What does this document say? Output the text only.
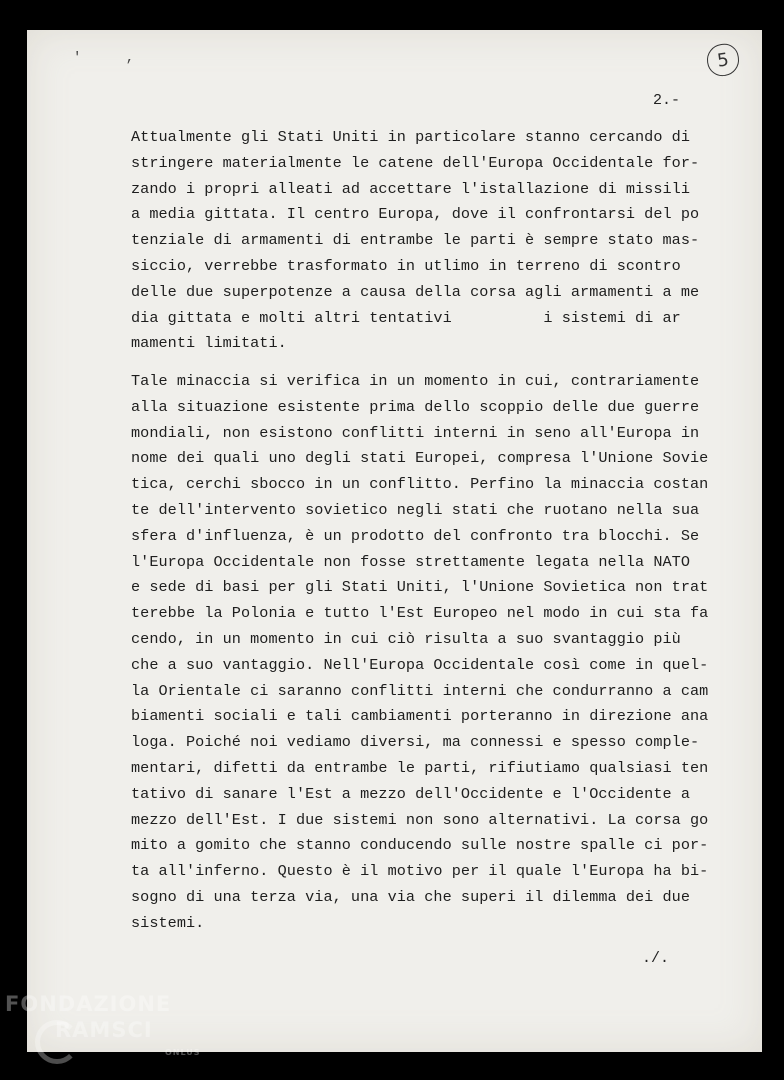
' ,	5
2.-
Attualmente gli Stati Uniti in particolare stanno cercando di
stringere materialmente le catene dell'Europa Occidentale for-
zando i propri alleati ad accettare l'istallazione di missili
a media gittata. Il centro Europa, dove il confrontarsi del po
tenziale di armamenti di entrambe le parti è sempre stato mas-
siccio, verrebbe trasformato in utlimo in terreno di scontro
delle due superpotenze a causa della corsa agli armamenti a me
dia gittata e molti altri tentativi          i sistemi di ar
mamenti limitati.
Tale minaccia si verifica in un momento in cui, contrariamente
alla situazione esistente prima dello scoppio delle due guerre
mondiali, non esistono conflitti interni in seno all'Europa in
nome dei quali uno degli stati Europei, compresa l'Unione Sovie
tica, cerchi sbocco in un conflitto. Perfino la minaccia costan
te dell'intervento sovietico negli stati che ruotano nella sua
sfera d'influenza, è un prodotto del confronto tra blocchi. Se
l'Europa Occidentale non fosse strettamente legata nella NATO
e sede di basi per gli Stati Uniti, l'Unione Sovietica non trat
terebbe la Polonia e tutto l'Est Europeo nel modo in cui sta fa
cendo, in un momento in cui ciò risulta a suo svantaggio più
che a suo vantaggio. Nell'Europa Occidentale così come in quel-
la Orientale ci saranno conflitti interni che condurranno a cam
biamenti sociali e tali cambiamenti porteranno in direzione ana
loga. Poiché noi vediamo diversi, ma connessi e spesso comple-
mentari, difetti da entrambe le parti, rifiutiamo qualsiasi ten
tativo di sanare l'Est a mezzo dell'Occidente e l'Occidente a
mezzo dell'Est. I due sistemi non sono alternativi. La corsa go
mito a gomito che stanno conducendo sulle nostre spalle ci por-
ta all'inferno. Questo è il motivo per il quale l'Europa ha bi-
sogno di una terza via, una via che superi il dilemma dei due
sistemi.
./.
FONDAZIONE
RAMSCI
ONLUS
